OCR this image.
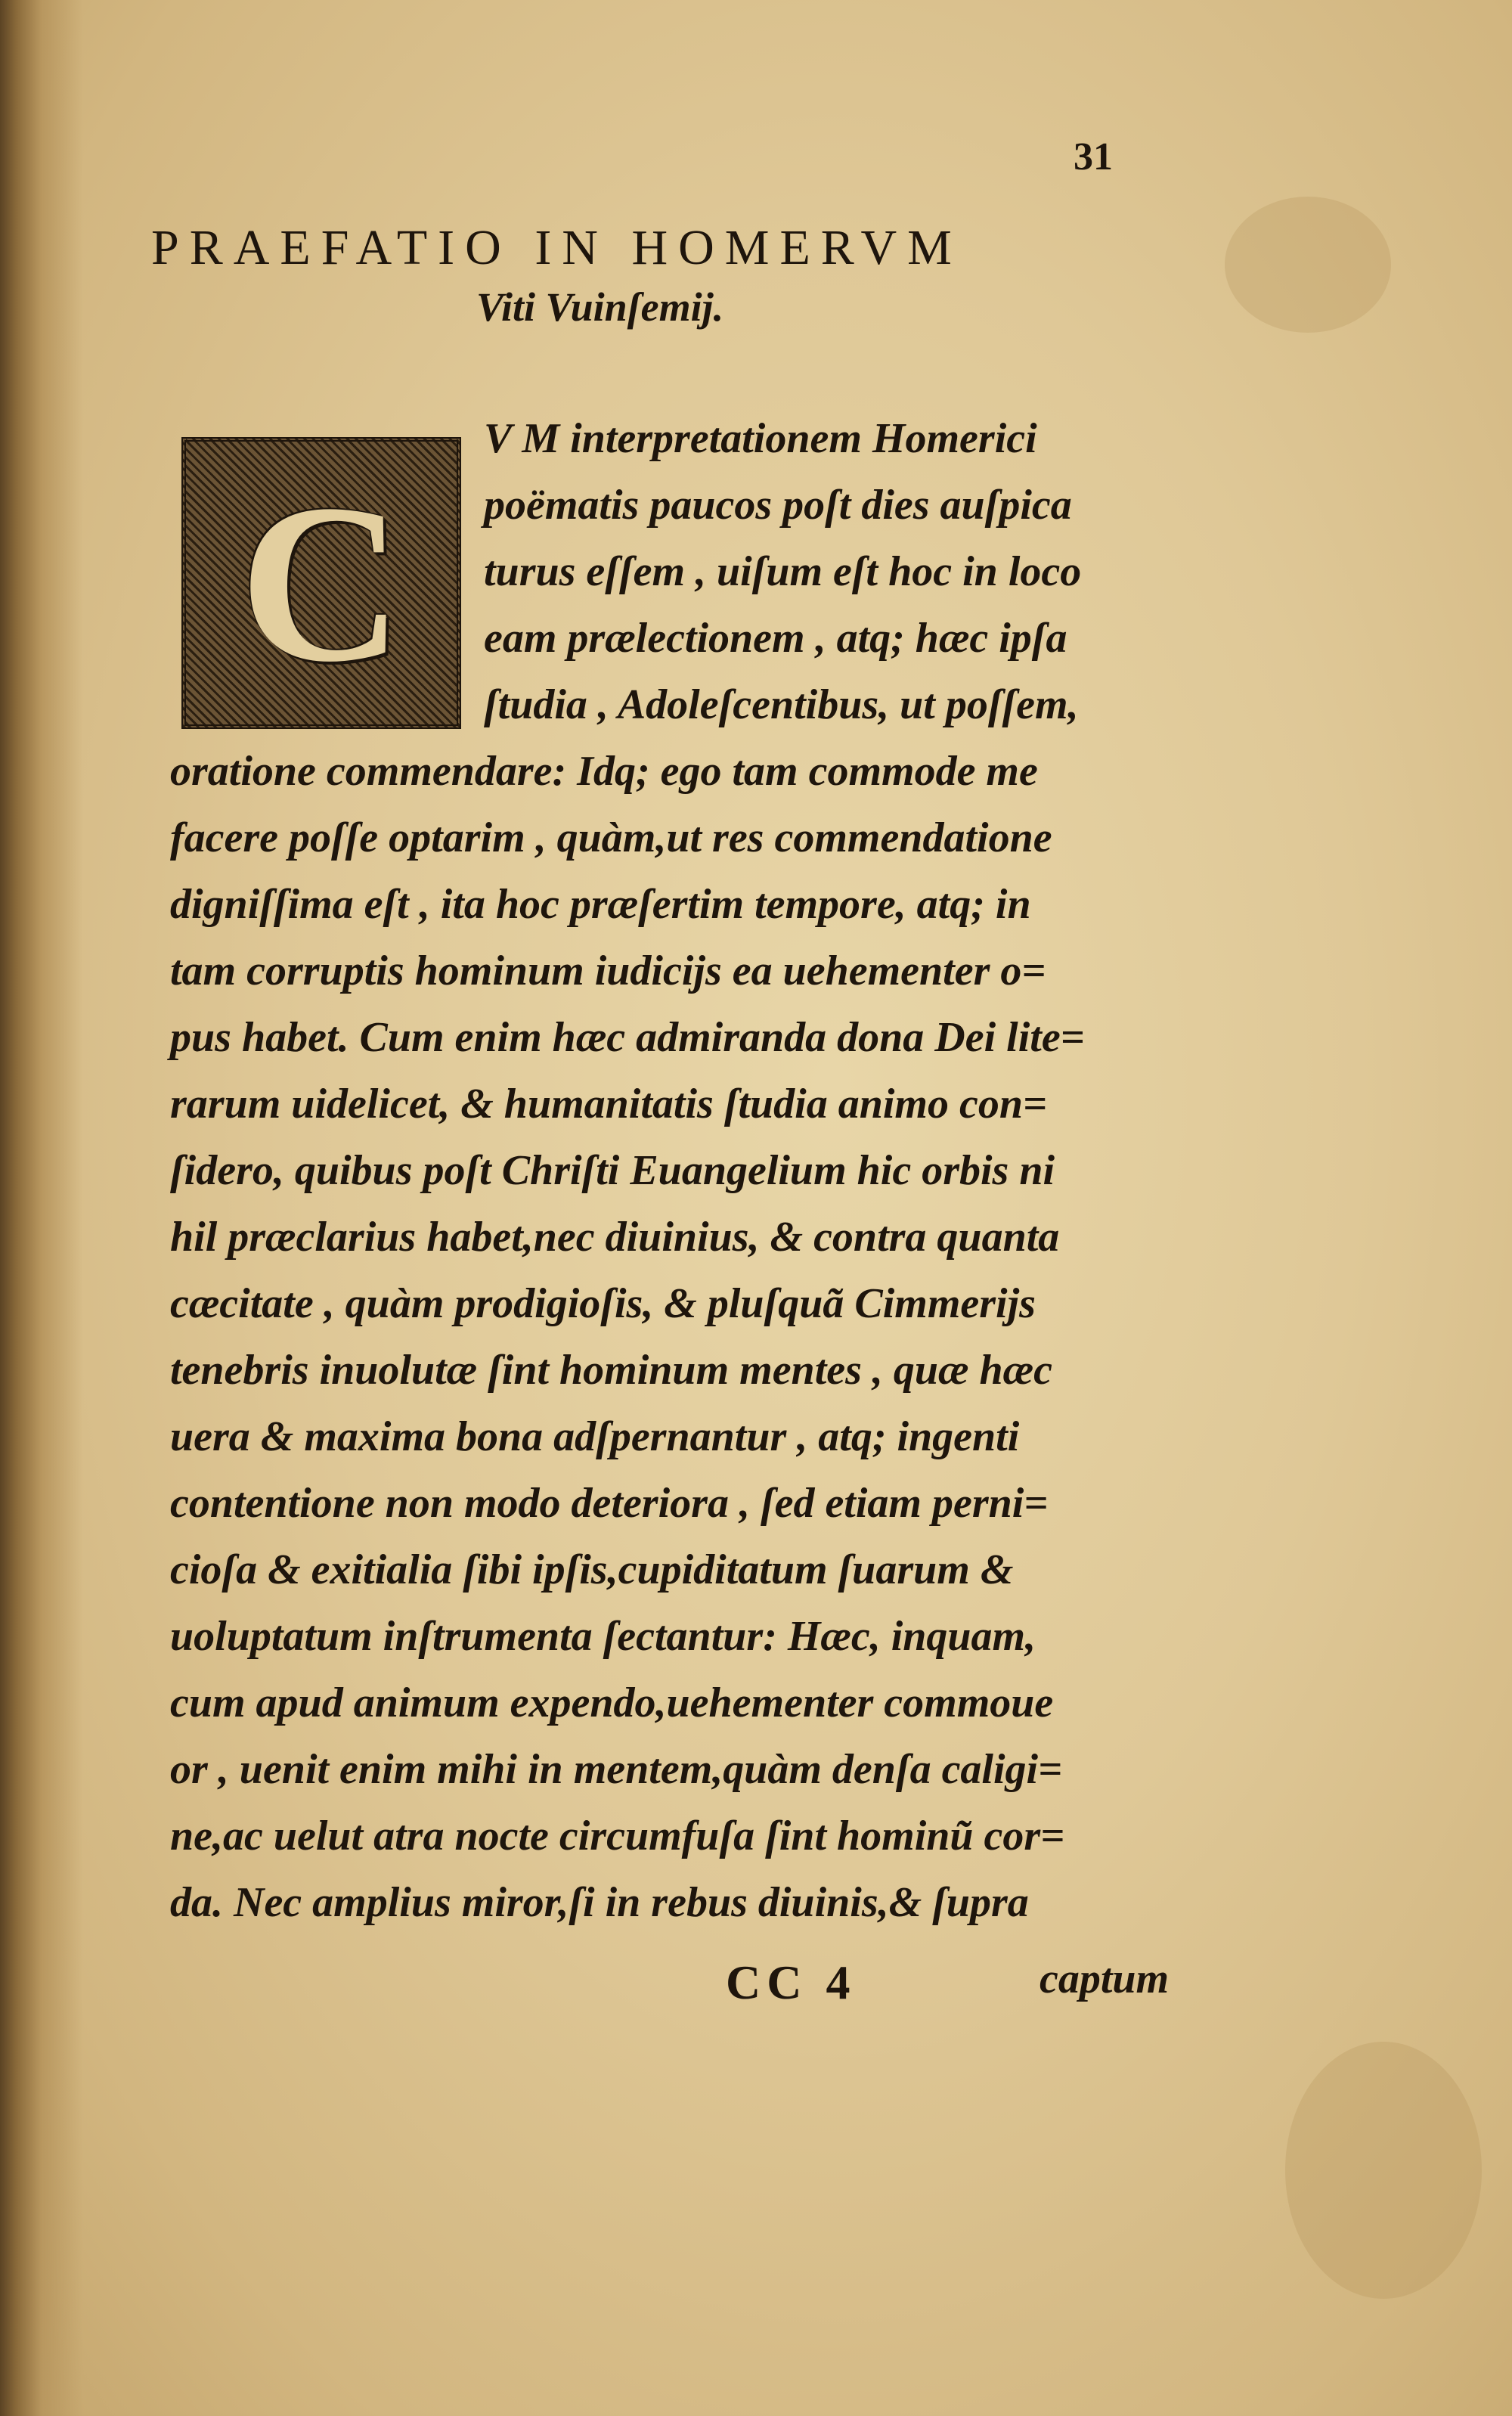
31
PRAEFATIO IN HOMERVM
Viti Vuinſemij.
C
V M interpretationem Homerici
poëmatis paucos poſt dies auſpica
turus eſſem , uiſum eſt hoc in loco
eam prælectionem , atq; hæc ipſa
ſtudia , Adoleſcentibus, ut poſſem,
oratione commendare: Idq; ego tam commode me
facere poſſe optarim , quàm,ut res commendatione
digniſſima eſt , ita hoc præſertim tempore, atq; in
tam corruptis hominum iudicijs ea uehementer o=
pus habet. Cum enim hæc admiranda dona Dei lite=
rarum uidelicet, & humanitatis ſtudia animo con=
ſidero, quibus poſt Chriſti Euangelium hic orbis ni
hil præclarius habet,nec diuinius, & contra quanta
cæcitate , quàm prodigioſis, & pluſquã Cimmerijs
tenebris inuolutæ ſint hominum mentes , quæ hæc
uera & maxima bona adſpernantur , atq; ingenti
contentione non modo deteriora , ſed etiam perni=
cioſa & exitialia ſibi ipſis,cupiditatum ſuarum &
uoluptatum inſtrumenta ſectantur: Hæc, inquam,
cum apud animum expendo,uehementer commoue
or , uenit enim mihi in mentem,quàm denſa caligi=
ne,ac uelut atra nocte circumfuſa ſint hominũ cor=
da. Nec amplius miror,ſi in rebus diuinis,& ſupra
CC 4	captum
